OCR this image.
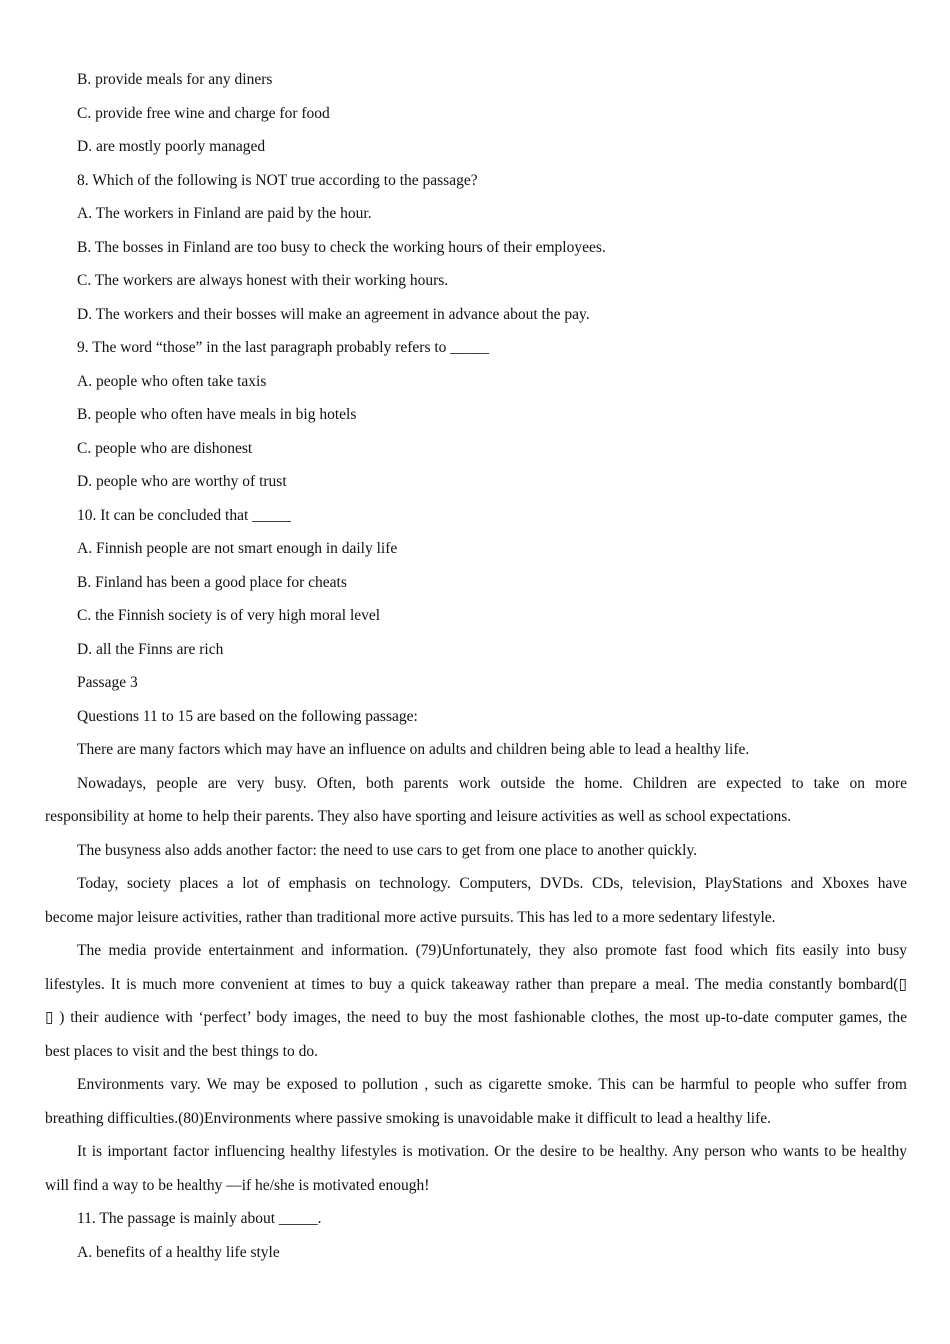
B. provide meals for any diners
C. provide free wine and charge for food
D. are mostly poorly managed
8. Which of the following is NOT true according to the passage?
A. The workers in Finland are paid by the hour.
B. The bosses in Finland are too busy to check the working hours of their employees.
C. The workers are always honest with their working hours.
D. The workers and their bosses will make an agreement in advance about the pay.
9. The word “those” in the last paragraph probably refers to _____
A. people who often take taxis
B. people who often have meals in big hotels
C. people who are dishonest
D. people who are worthy of trust
10. It can be concluded that _____
A. Finnish people are not smart enough in daily life
B. Finland has been a good place for cheats
C. the Finnish society is of very high moral level
D. all the Finns are rich
Passage 3
Questions 11 to 15 are based on the following passage:
There are many factors which may have an influence on adults and children being able to lead a healthy life.
Nowadays, people are very busy. Often, both parents work outside the home. Children are expected to take on more
responsibility at home to help their parents. They also have sporting and leisure activities as well as school expectations.
The busyness also adds another factor: the need to use cars to get from one place to another quickly.
Today, society places a lot of emphasis on technology. Computers, DVDs. CDs, television, PlayStations and Xboxes have
become major leisure activities, rather than traditional more active pursuits. This has led to a more sedentary lifestyle.
The media provide entertainment and information. (79)Unfortunately, they also promote fast food which fits easily into busy
lifestyles. It is much more convenient at times to buy a quick takeaway rather than prepare a meal. The media constantly bombard(▯
▯ ) their audience with ‘perfect’ body images, the need to buy the most fashionable clothes, the most up-to-date computer games, the
best places to visit and the best things to do.
Environments vary. We may be exposed to pollution , such as cigarette smoke. This can be harmful to people who suffer from
breathing difficulties.(80)Environments where passive smoking is unavoidable make it difficult to lead a healthy life.
It is important factor influencing healthy lifestyles is motivation. Or the desire to be healthy. Any person who wants to be healthy
will find a way to be healthy —if he/she is motivated enough!
11. The passage is mainly about _____.
A. benefits of a healthy life style
